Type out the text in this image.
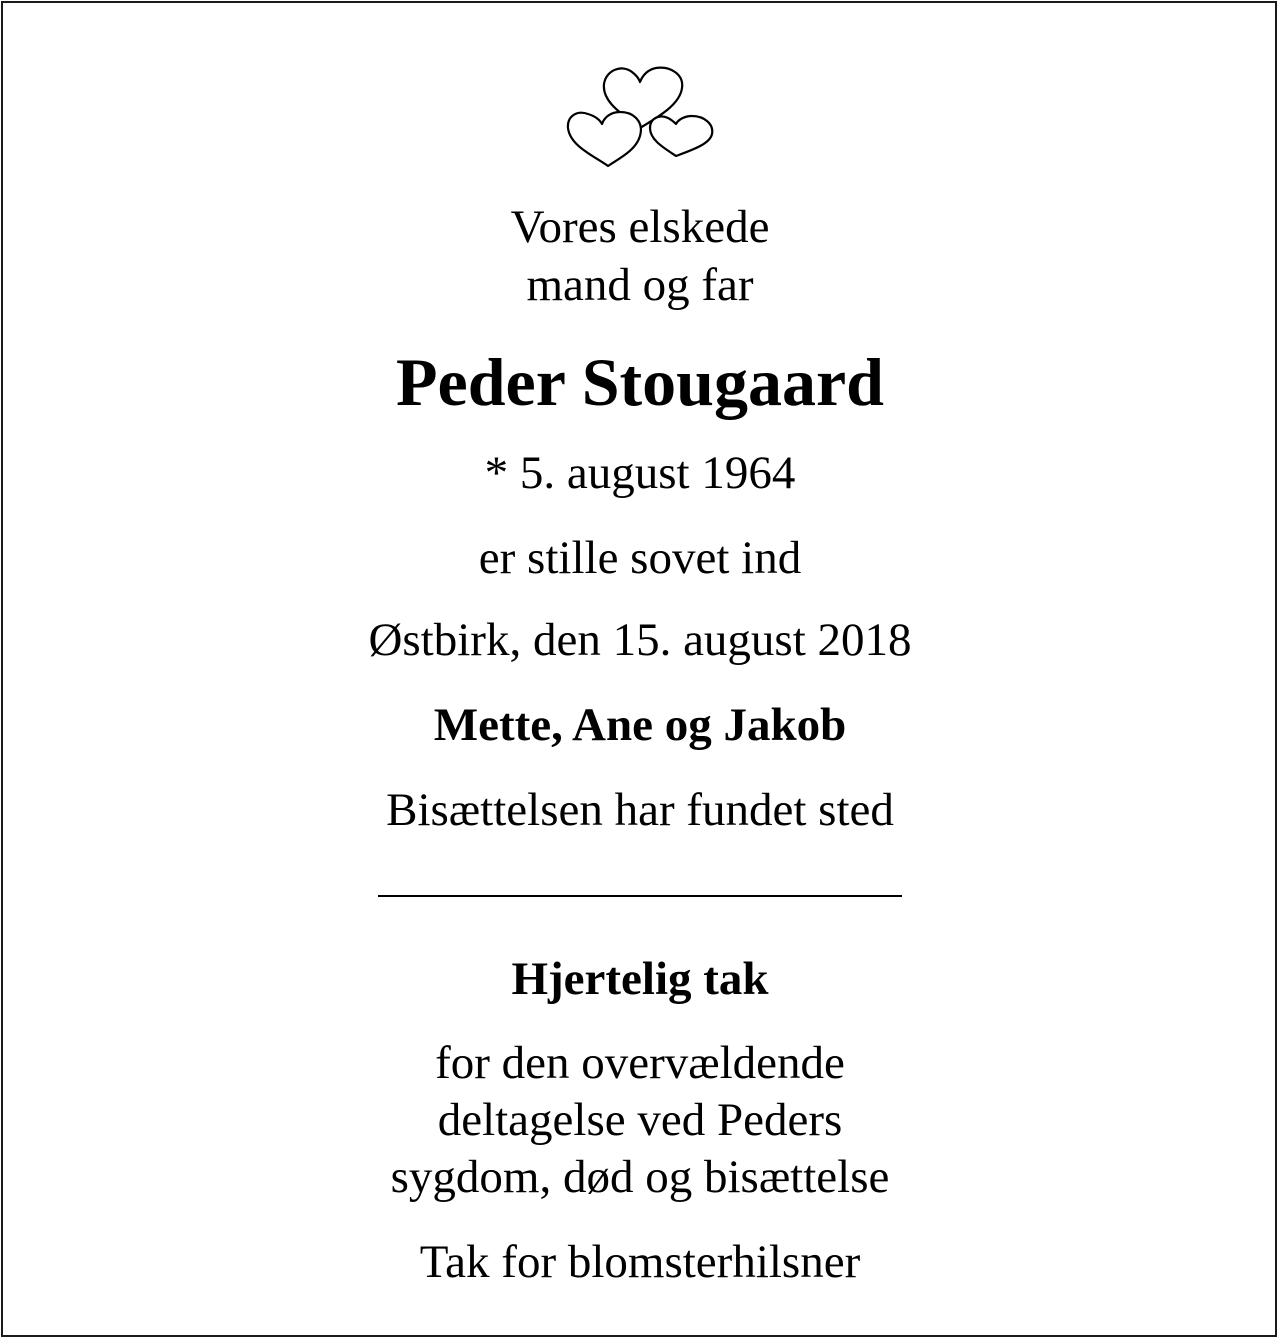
Vores elskede
mand og far
Peder Stougaard
* 5. august 1964
er stille sovet ind
Østbirk, den 15. august 2018
Mette, Ane og Jakob
Bisættelsen har fundet sted
Hjertelig tak
for den overvældende
deltagelse ved Peders
sygdom, død og bisættelse
Tak for blomsterhilsner
